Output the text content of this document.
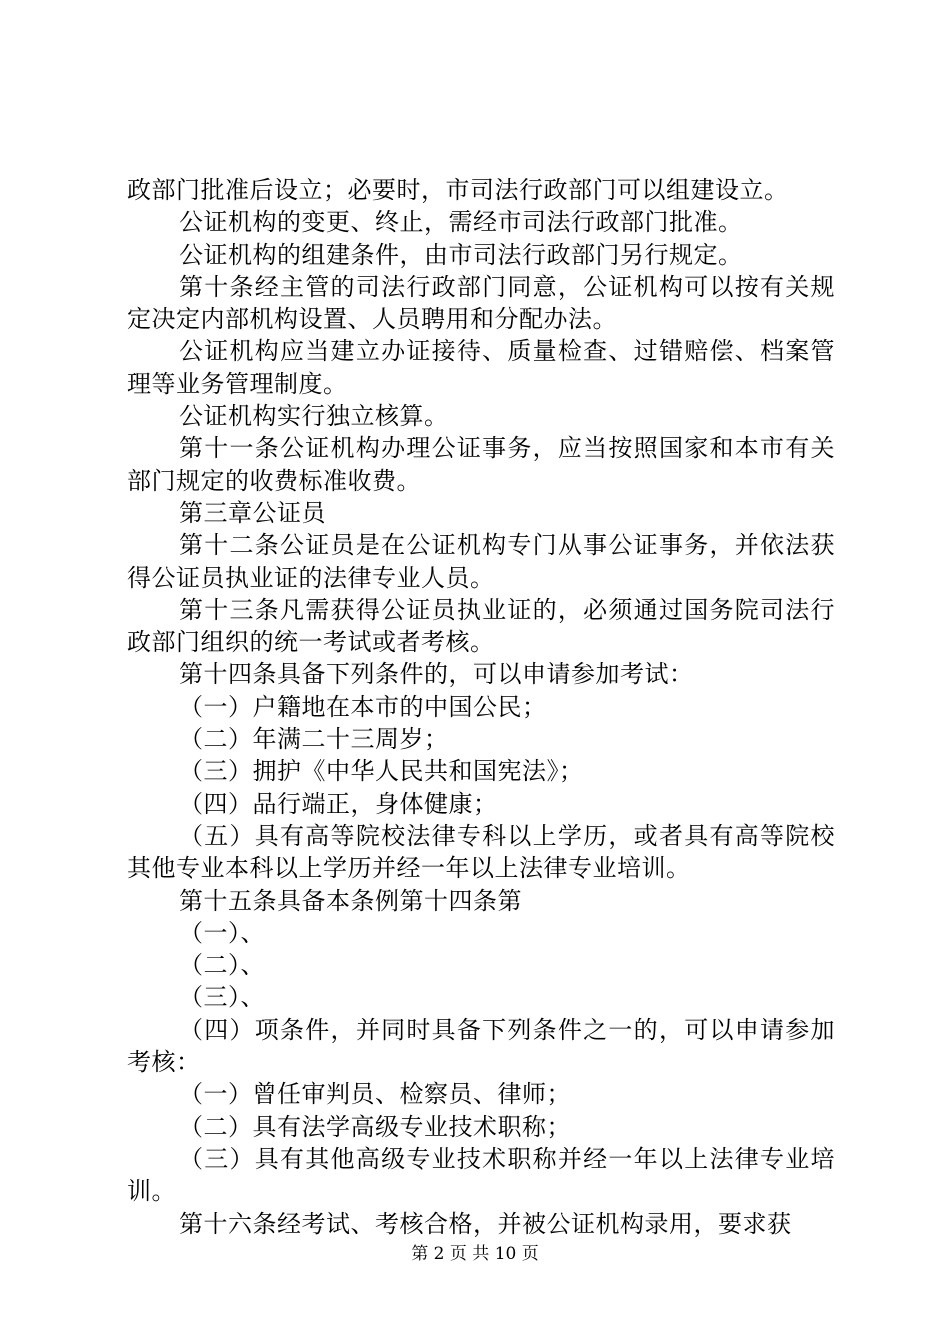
政部门批准后设立；必要时，市司法行政部门可以组建设立。

公证机构的变更、终止，需经市司法行政部门批准。

公证机构的组建条件，由市司法行政部门另行规定。

第十条经主管的司法行政部门同意，公证机构可以按有关规定决定内部机构设置、人员聘用和分配办法。

公证机构应当建立办证接待、质量检查、过错赔偿、档案管理等业务管理制度。

公证机构实行独立核算。

第十一条公证机构办理公证事务，应当按照国家和本市有关部门规定的收费标准收费。

第三章公证员

第十二条公证员是在公证机构专门从事公证事务，并依法获得公证员执业证的法律专业人员。

第十三条凡需获得公证员执业证的，必须通过国务院司法行政部门组织的统一考试或者考核。

第十四条具备下列条件的，可以申请参加考试：

（一）户籍地在本市的中国公民；

（二）年满二十三周岁；

（三）拥护《中华人民共和国宪法》；

（四）品行端正，身体健康；

（五）具有高等院校法律专科以上学历，或者具有高等院校其他专业本科以上学历并经一年以上法律专业培训。

第十五条具备本条例第十四条第

（一）、

（二）、

（三）、

（四）项条件，并同时具备下列条件之一的，可以申请参加考核：

（一）曾任审判员、检察员、律师；

（二）具有法学高级专业技术职称；

（三）具有其他高级专业技术职称并经一年以上法律专业培训。

第十六条经考试、考核合格，并被公证机构录用，要求获

第 2 页 共 10 页
